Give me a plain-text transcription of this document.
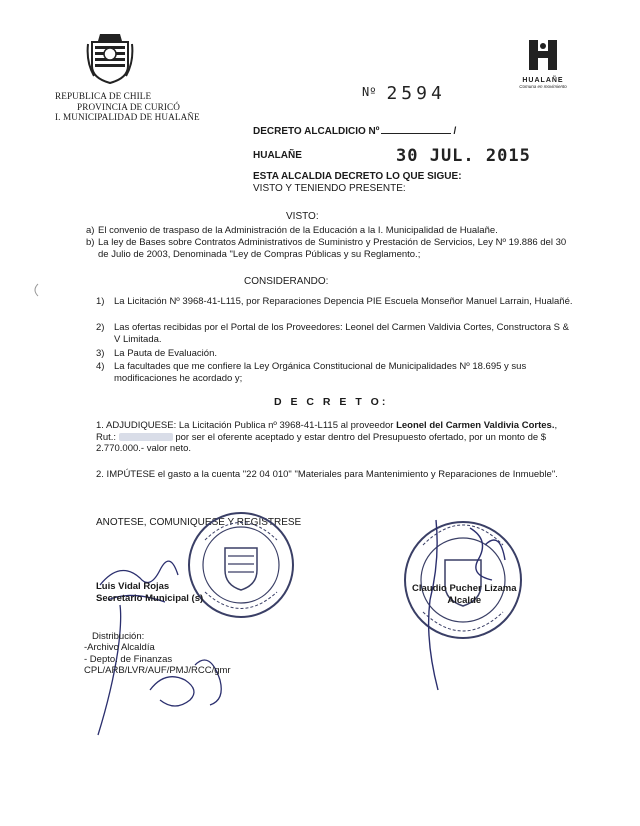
REPUBLICA DE CHILE
PROVINCIA DE CURICÓ
I. MUNICIPALIDAD DE HUALAÑE
HUALAÑE
Comuna en movimiento
Nº 2594
DECRETO ALCALDICIO Nº	/
HUALAÑE	30 JUL. 2015
ESTA ALCALDIA DECRETO LO QUE SIGUE:
VISTO Y TENIENDO PRESENTE:
VISTO:
a) El convenio de traspaso de la Administración de la Educación a la I. Municipalidad de Hualañe.
b) La ley de Bases sobre Contratos Administrativos de Suministro y Prestación de Servicios, Ley Nº 19.886 del 30 de Julio de 2003, Denominada "Ley de Compras Públicas y su Reglamento.;
CONSIDERANDO:
1)	La Licitación Nº 3968-41-L115, por Reparaciones Depencia PIE Escuela Monseñor Manuel Larrain, Hualañé.
2)	Las ofertas recibidas por el Portal de los Proveedores: Leonel del Carmen Valdivia Cortes, Constructora S & V Limitada.
3)	La Pauta de Evaluación.
4)	La facultades que me confiere la Ley Orgánica Constitucional de Municipalidades Nº 18.695 y sus modificaciones he acordado y;
D E C R E T O:
1. ADJUDIQUESE: La Licitación Publica nº 3968-41-L115 al proveedor Leonel del Carmen Valdivia Cortes., Rut.:	por ser el oferente aceptado y estar dentro del Presupuesto ofertado, por un monto de $ 2.770.000.- valor neto.
2. IMPÚTESE el gasto a la cuenta "22 04 010" "Materiales para Mantenimiento y Reparaciones de Inmueble".
ANOTESE, COMUNIQUESE Y REGISTRESE
Luis Vidal Rojas
Secretario Municipal (s)
Claudio Pucher Lizama
Alcalde
Distribución:
-Archivo Alcaldía
- Depto. de Finanzas
CPL/ARB/LVR/AUF/PMJ/RCC/gmr
